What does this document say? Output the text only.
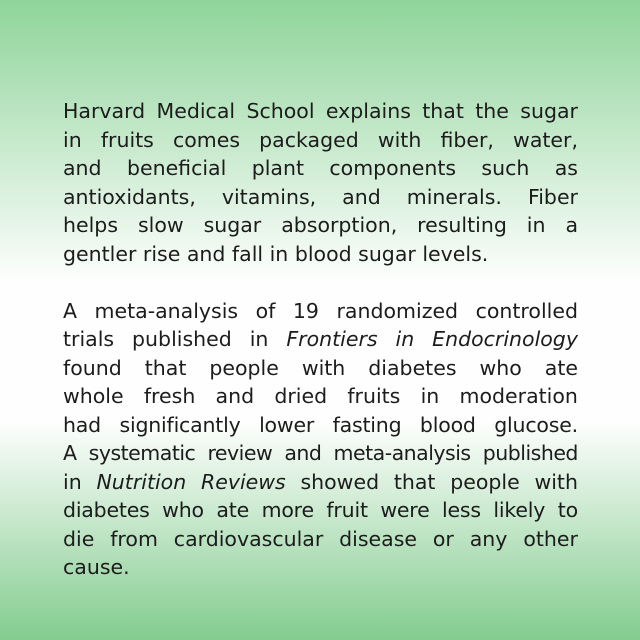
Harvard Medical School explains that the sugar
in fruits comes packaged with fiber, water,
and beneficial plant components such as
antioxidants, vitamins, and minerals. Fiber
helps slow sugar absorption, resulting in a
gentler rise and fall in blood sugar levels.
A meta-analysis of 19 randomized controlled
trials published in Frontiers in Endocrinology
found that people with diabetes who ate
whole fresh and dried fruits in moderation
had significantly lower fasting blood glucose.
A systematic review and meta-analysis published
in Nutrition Reviews showed that people with
diabetes who ate more fruit were less likely to
die from cardiovascular disease or any other
cause.
